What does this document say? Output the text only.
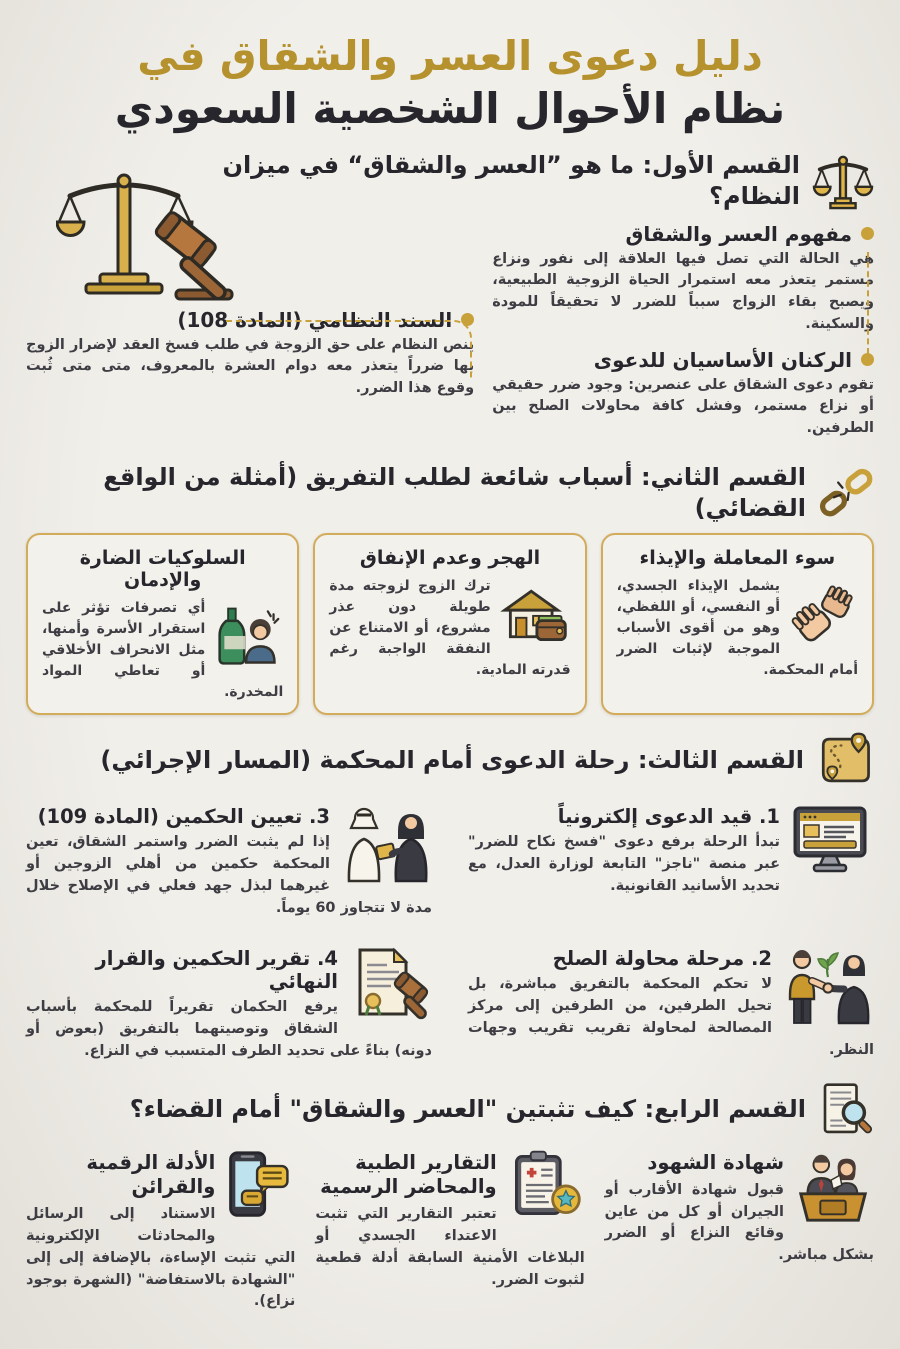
دليل دعوى العسر والشقاق في
نظام الأحوال الشخصية السعودي
القسم الأول: ما هو ”العسر والشقاق“ في ميزان النظام؟
مفهوم العسر والشقاق

هي الحالة التي تصل فيها العلاقة إلى نفور ونزاع مستمر يتعذر معه استمرار الحياة الزوجية الطبيعية، ويصبح بقاء الزواج سبباً للضرر لا تحقيقاً للمودة والسكينة.

الركنان الأساسيان للدعوى

تقوم دعوى الشقاق على عنصرين: وجود ضرر حقيقي أو نزاع مستمر، وفشل كافة محاولات الصلح بين الطرفين.

السند النظامي (المادة 108)

ينص النظام على حق الزوجة في طلب فسخ العقد لإضرار الزوج بها ضرراً يتعذر معه دوام العشرة بالمعروف، متى متى ثُبت وقوع هذا الضرر.

القسم الثاني: أسباب شائعة لطلب التفريق (أمثلة من الواقع القضائي)
سوء المعاملة والإيذاء

يشمل الإيذاء الجسدي، أو النفسي، أو اللفظي، وهو من أقوى الأسباب الموجبة لإثبات الضرر أمام المحكمة.

الهجر وعدم الإنفاق

ترك الزوج لزوجته مدة طويلة دون عذر مشروع، أو الامتناع عن النفقة الواجبة رغم قدرته المادية.

السلوكيات الضارة والإدمان

أي تصرفات تؤثر على استقرار الأسرة وأمنها، مثل الانحراف الأخلاقي أو تعاطي المواد المخدرة.

القسم الثالث: رحلة الدعوى أمام المحكمة (المسار الإجرائي)
1. قيد الدعوى إلكترونياً

تبدأ الرحلة برفع دعوى "فسخ نكاح للضرر" عبر منصة "ناجز" التابعة لوزارة العدل، مع تحديد الأسانيد القانونية.

3. تعيين الحكمين (المادة 109)

إذا لم يثبت الضرر واستمر الشقاق، تعين المحكمة حكمين من أهلي الزوجين أو غيرهما لبذل جهد فعلي في الإصلاح خلال مدة لا تتجاوز 60 يوماً.

2. مرحلة محاولة الصلح

لا تحكم المحكمة بالتفريق مباشرة، بل تحيل الطرفين، من الطرفين إلى مركز المصالحة لمحاولة تقريب تقريب وجهات النظر.

4. تقرير الحكمين والقرار النهائي

يرفع الحكمان تقريراً للمحكمة بأسباب الشقاق وتوصيتهما بالتفريق (بعوض أو دونه) بناءً على تحديد الطرف المتسبب في النزاع.

القسم الرابع: كيف تثبتين "العسر والشقاق" أمام القضاء؟
شهادة الشهود

قبول شهادة الأقارب أو الجيران أو كل من عاين وقائع النزاع أو الضرر بشكل مباشر.

التقارير الطبية والمحاضر الرسمية

تعتبر التقارير التي تثبت الاعتداء الجسدي أو البلاغات الأمنية السابقة أدلة قطعية لثبوت الضرر.

الأدلة الرقمية والقرائن

الاستناد إلى الرسائل والمحادثات الإلكترونية التي تثبت الإساءة، بالإضافة إلى إلى "الشهادة بالاستفاضة" (الشهرة بوجود نزاع).
